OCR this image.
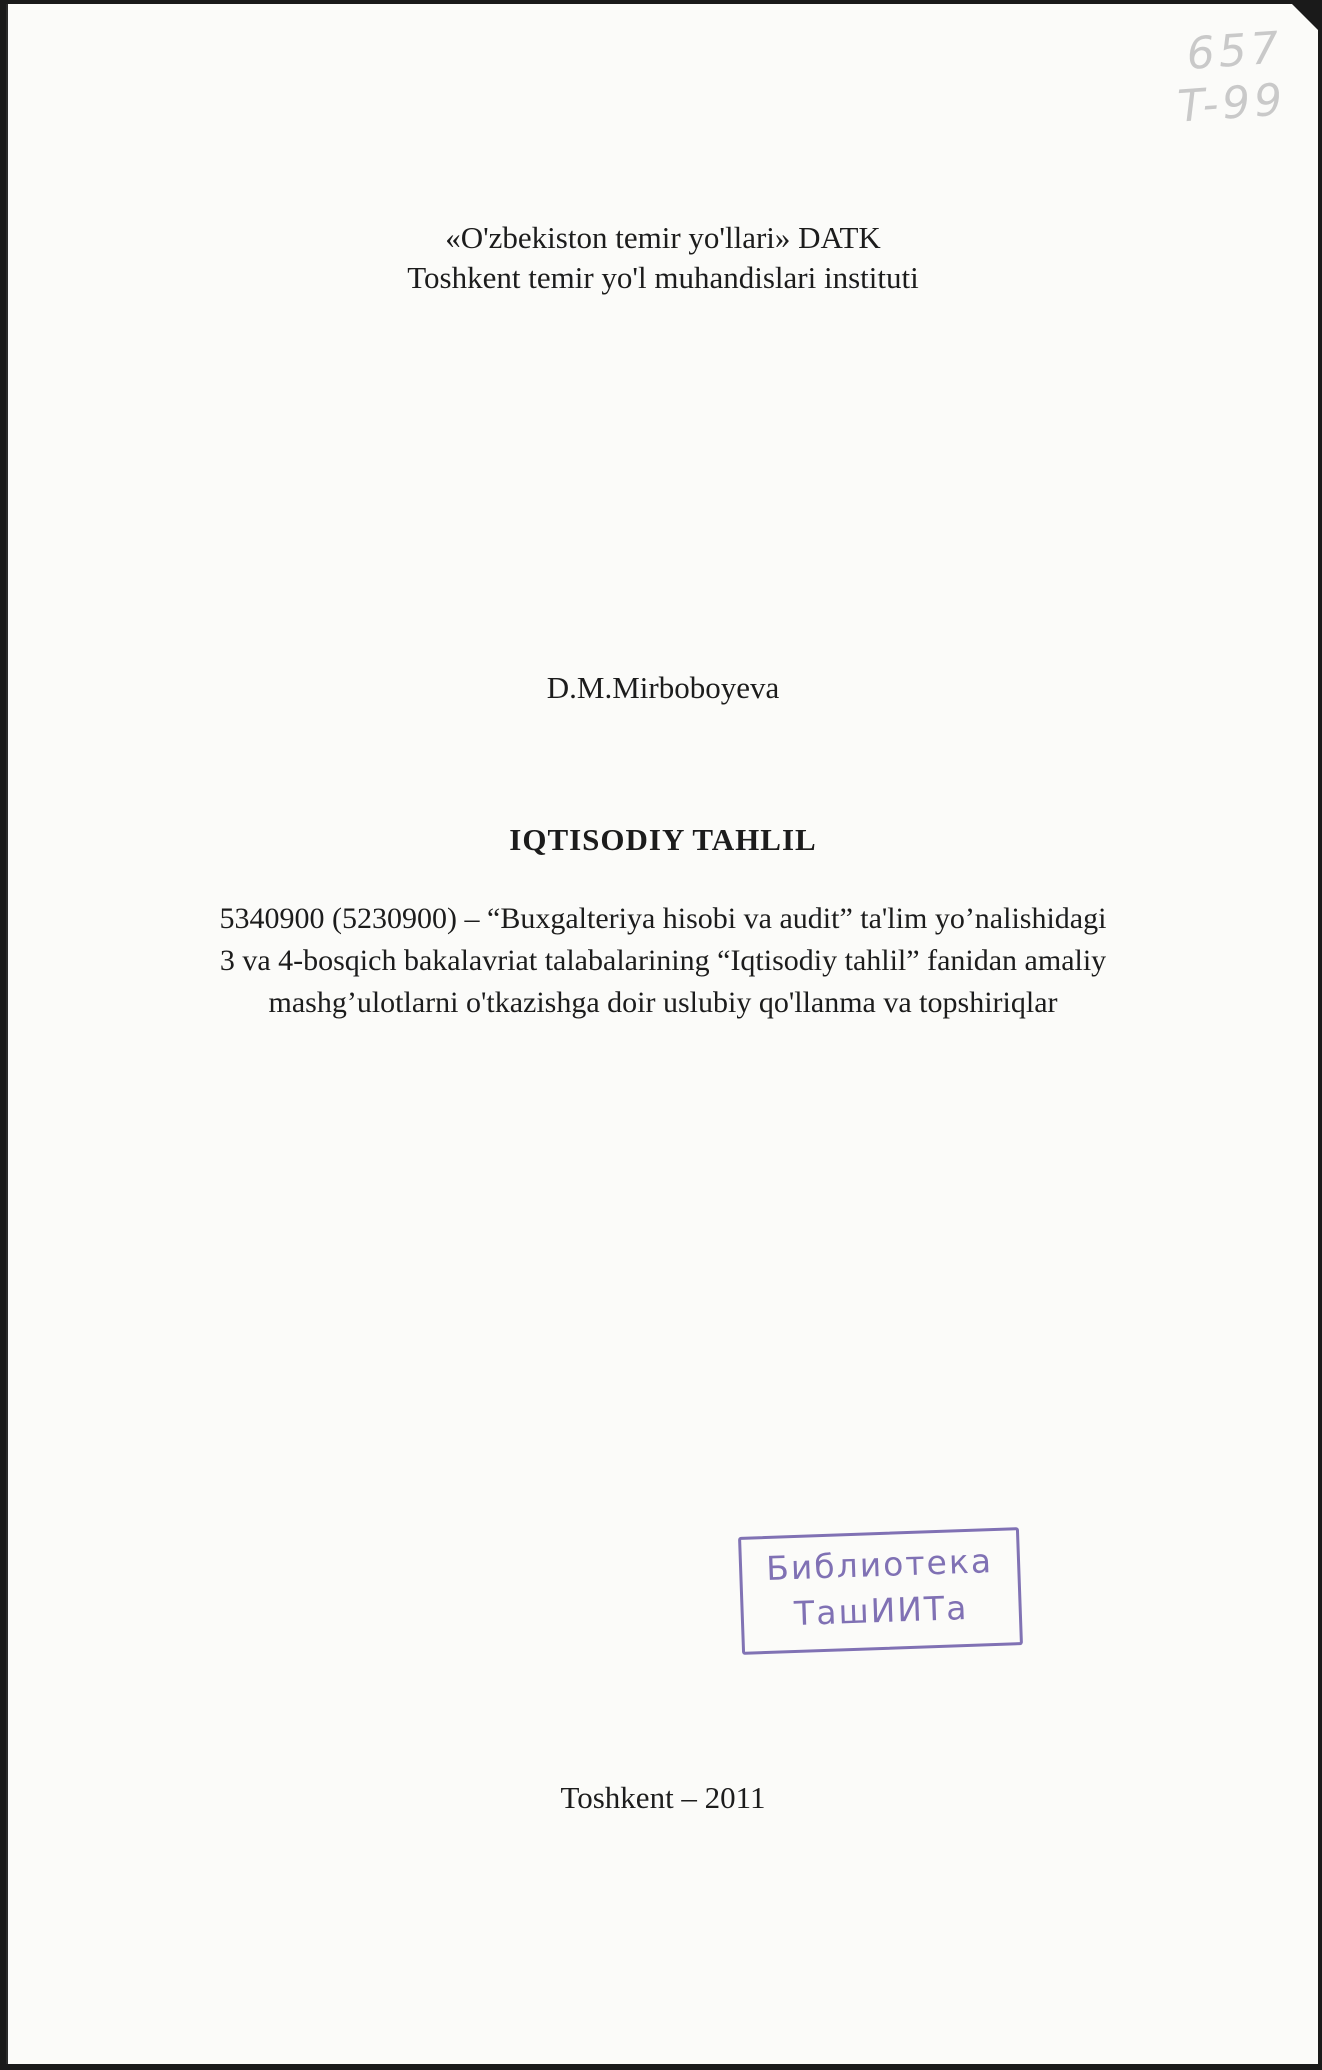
657
T-99
«O'zbekiston temir yo'llari» DATK
Toshkent temir yo'l muhandislari instituti
D.M.Mirboboyeva
IQTISODIY TAHLIL
5340900 (5230900) – “Buxgalteriya hisobi va audit” ta'lim yo’nalishidagi
3 va 4-bosqich bakalavriat talabalarining “Iqtisodiy tahlil” fanidan amaliy
mashg’ulotlarni o'tkazishga doir uslubiy qo'llanma va topshiriqlar
Библиотека
ТашИИТа
Toshkent – 2011
